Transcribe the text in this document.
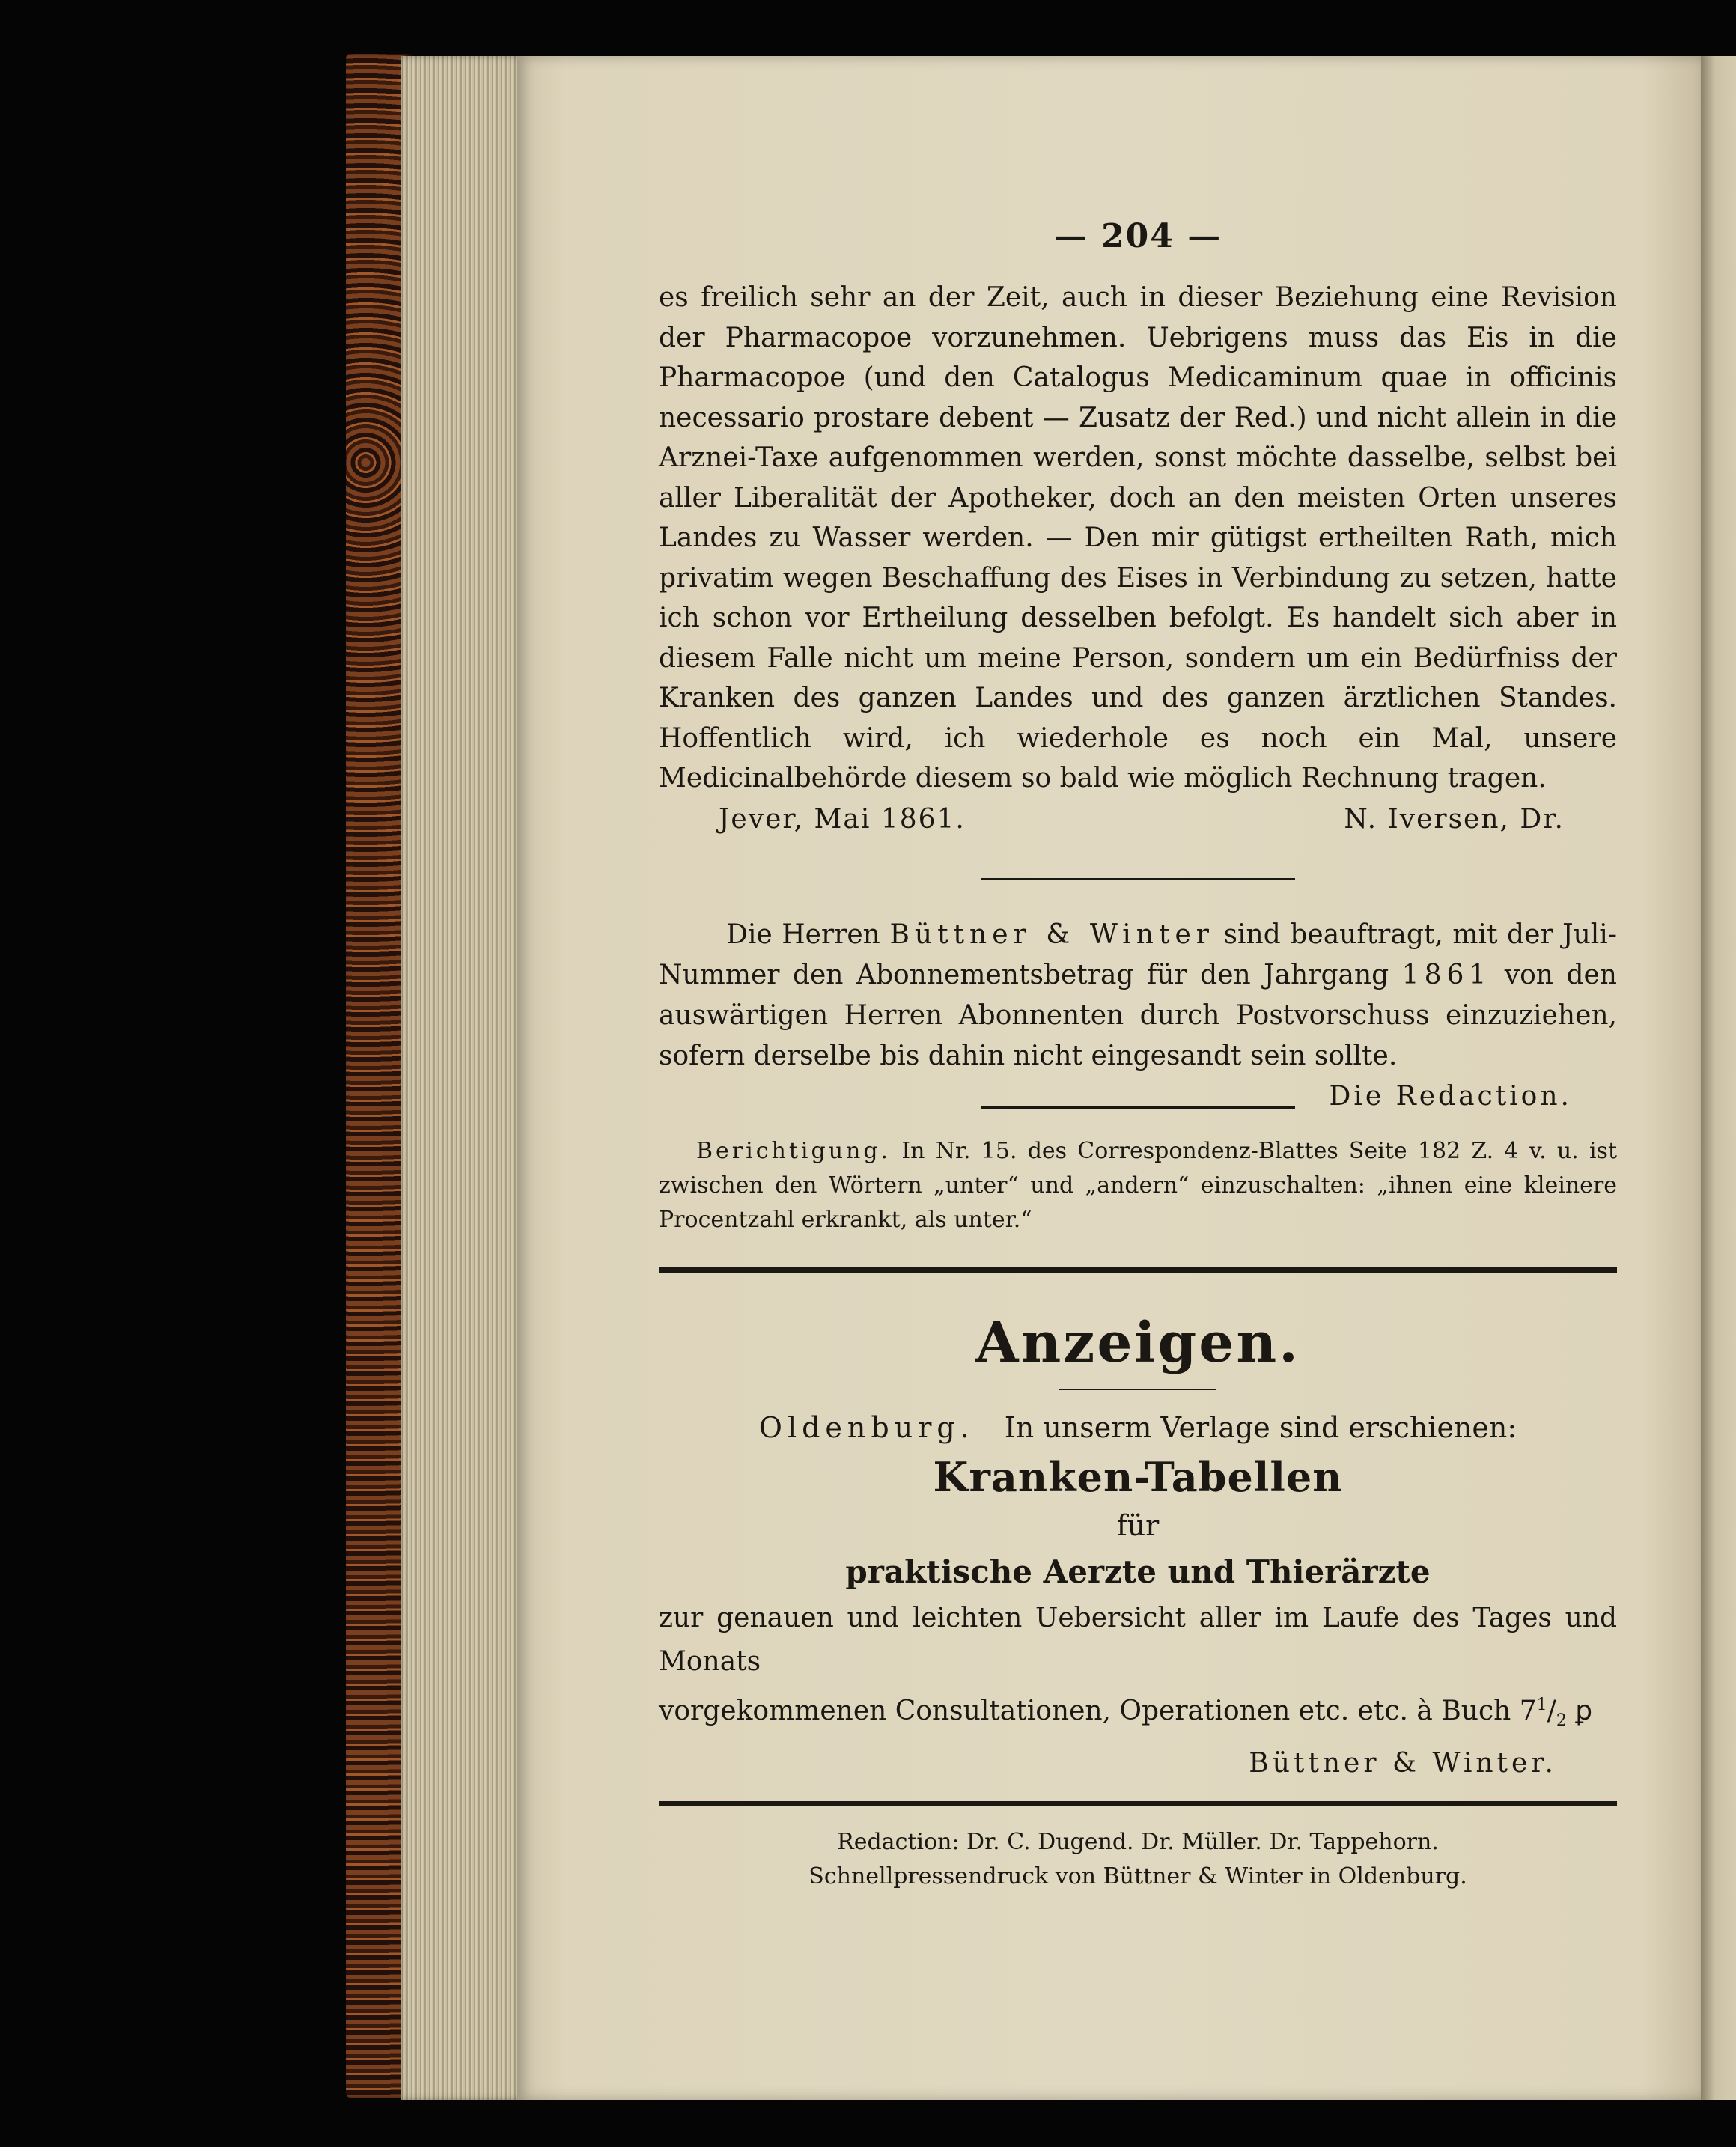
— 204 —

es freilich sehr an der Zeit, auch in dieser Beziehung eine Revision der Pharmacopoe vorzunehmen. Uebrigens muss das Eis in die Pharmacopoe (und den Catalogus Medicaminum quae in officinis necessario prostare debent — Zusatz der Red.) und nicht allein in die Arznei-Taxe aufgenommen werden, sonst möchte dasselbe, selbst bei aller Liberalität der Apotheker, doch an den meisten Orten unseres Landes zu Wasser werden. — Den mir gütigst ertheilten Rath, mich privatim wegen Beschaffung des Eises in Verbindung zu setzen, hatte ich schon vor Ertheilung desselben befolgt. Es handelt sich aber in diesem Falle nicht um meine Person, sondern um ein Bedürfniss der Kranken des ganzen Landes und des ganzen ärztlichen Standes. Hoffentlich wird, ich wiederhole es noch ein Mal, unsere Medicinalbehörde diesem so bald wie möglich Rechnung tragen.

Jever, Mai 1861.	N. Iversen, Dr.

Die Herren Büttner & Winter sind beauftragt, mit der Juli-Nummer den Abonnementsbetrag für den Jahrgang 1861 von den auswärtigen Herren Abonnenten durch Postvorschuss einzuziehen, sofern derselbe bis dahin nicht eingesandt sein sollte.
Die Redaction.

Berichtigung. In Nr. 15. des Correspondenz-Blattes Seite 182 Z. 4 v. u. ist zwischen den Wörtern „unter“ und „andern“ einzuschalten: „ihnen eine kleinere Procentzahl erkrankt, als unter.“

Anzeigen.
Oldenburg. In unserm Verlage sind erschienen:
Kranken-Tabellen
für
praktische Aerzte und Thierärzte

zur genauen und leichten Uebersicht aller im Laufe des Tages und Monats

vorgekommenen Consultationen, Operationen etc. etc. à Buch $7^1/_2$ ꝑ
Büttner & Winter.
Redaction: Dr. C. Dugend. Dr. Müller. Dr. Tappehorn.
Schnellpressendruck von Büttner & Winter in Oldenburg.
